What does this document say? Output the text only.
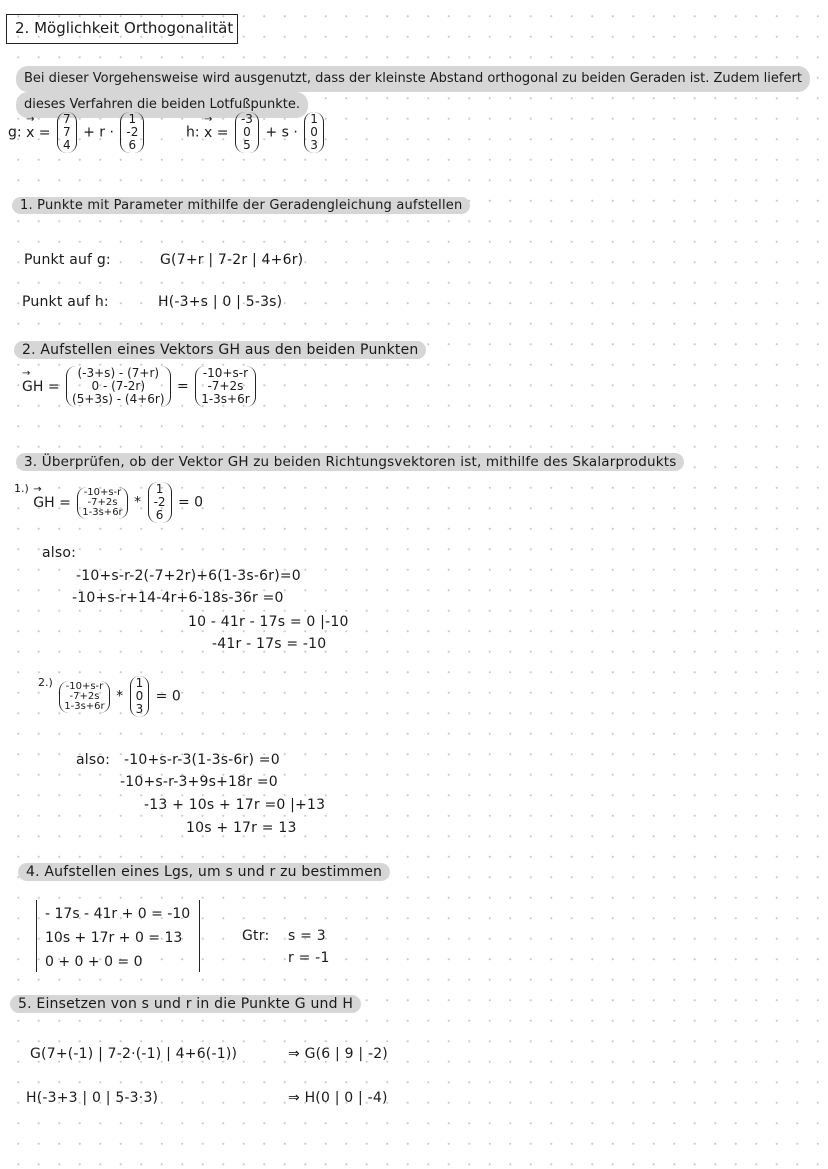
2. Möglichkeit Orthogonalität
Bei dieser Vorgehensweise wird ausgenutzt, dass der kleinste Abstand orthogonal zu beiden Geraden ist. Zudem liefert
dieses Verfahren die beiden Lotfußpunkte.
g: → x =
7
7
4
+ r ·
1
-2
6
h: → x =
-3
0
5
+ s ·
1
0
3
1. Punkte mit Parameter mithilfe der Geradengleichung aufstellen
Punkt auf g:	G(7+r | 7-2r | 4+6r)
Punkt auf h:	H(-3+s | 0 | 5-3s)
2. Aufstellen eines Vektors GH aus den beiden Punkten
→ GH =
(-3+s) - (7+r)
0 - (7-2r)
(5+3s) - (4+6r)
=
-10+s-r
-7+2s
1-3s+6r
3. Überprüfen, ob der Vektor GH zu beiden Richtungsvektoren ist, mithilfe des Skalarprodukts
$^{1.)}$ → GH =
-10+s-r
-7+2s
1-3s+6r
*
1
-2
6
= 0
also:
-10+s-r-2(-7+2r)+6(1-3s-6r)=0
-10+s-r+14-4r+6-18s-36r =0
10 - 41r - 17s = 0 |-10
-41r - 17s = -10
$^{2.)}$ -10+s-r
-7+2s
1-3s+6r
*
1
0
3
= 0
also: -10+s-r-3(1-3s-6r) =0
-10+s-r-3+9s+18r =0
-13 + 10s + 17r =0 |+13
10s + 17r = 13
4. Aufstellen eines Lgs, um s und r zu bestimmen
- 17s - 41r + 0 = -10
10s + 17r + 0 = 13
0 + 0 + 0 = 0
Gtr: s = 3
r = -1
5. Einsetzen von s und r in die Punkte G und H
G(7+(-1) | 7-2·(-1) | 4+6(-1))	⇒ G(6 | 9 | -2)
H(-3+3 | 0 | 5-3·3)	⇒ H(0 | 0 | -4)
